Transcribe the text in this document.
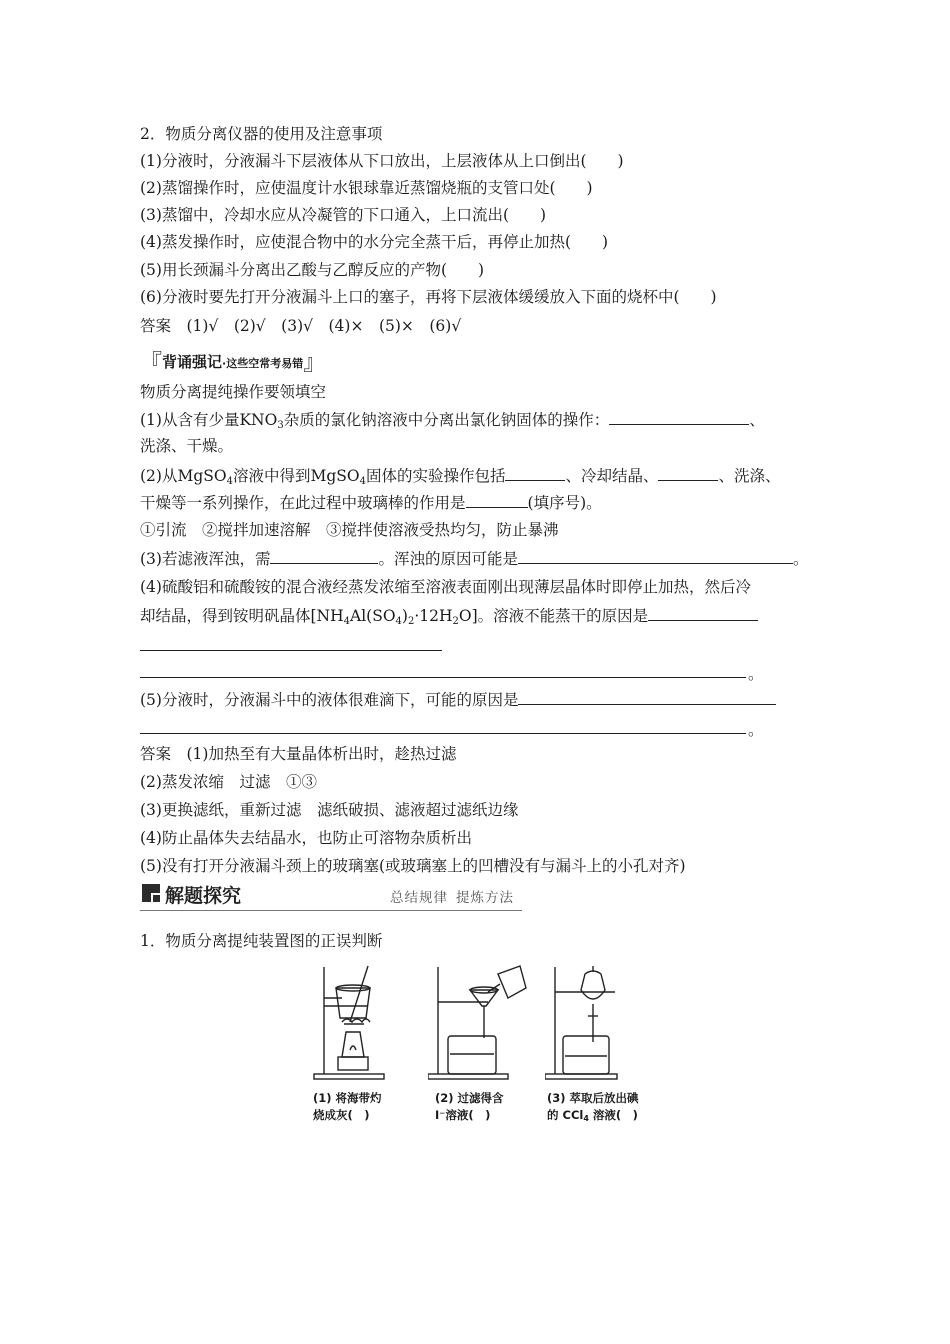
2．物质分离仪器的使用及注意事项
(1)分液时，分液漏斗下层液体从下口放出，上层液体从上口倒出(　　)
(2)蒸馏操作时，应使温度计水银球靠近蒸馏烧瓶的支管口处(　　)
(3)蒸馏中，冷却水应从冷凝管的下口通入，上口流出(　　)
(4)蒸发操作时，应使混合物中的水分完全蒸干后，再停止加热(　　)
(5)用长颈漏斗分离出乙酸与乙醇反应的产物(　　)
(6)分液时要先打开分液漏斗上口的塞子，再将下层液体缓缓放入下面的烧杯中(　　)
答案　(1)√　(2)√　(3)√　(4)×　(5)×　(6)√
『背诵强记·这些空常考易错』
物质分离提纯操作要领填空
(1)从含有少量$KNO_3$杂质的氯化钠溶液中分离出氯化钠固体的操作：	、
洗涤、干燥。
(2)从MgSO$_4$溶液中得到MgSO$_4$固体的实验操作包括	、冷却结晶、	、洗涤、
干燥等一系列操作，在此过程中玻璃棒的作用是	(填序号)。
①引流　②搅拌加速溶解　③搅拌使溶液受热均匀，防止暴沸
(3)若滤液浑浊，需	。浑浊的原因可能是	。
(4)硫酸铝和硫酸铵的混合液经蒸发浓缩至溶液表面刚出现薄层晶体时即停止加热，然后冷
却结晶，得到铵明矾晶体$[NH_4Al(SO_4)_2\cdot 12H_2O]$。溶液不能蒸干的原因是
。
(5)分液时，分液漏斗中的液体很难滴下，可能的原因是
。
答案　(1)加热至有大量晶体析出时，趁热过滤
(2)蒸发浓缩　过滤　①③
(3)更换滤纸，重新过滤　滤纸破损、滤液超过滤纸边缘
(4)防止晶体失去结晶水，也防止可溶物杂质析出
(5)没有打开分液漏斗颈上的玻璃塞(或玻璃塞上的凹槽没有与漏斗上的小孔对齐)
解题探究	总结规律 提炼方法
1．物质分离提纯装置图的正误判断
(1) 将海带灼
烧成灰(　)
(2) 过滤得含
I⁻溶液(　)
(3) 萃取后放出碘
的 CCl4 溶液(　)
